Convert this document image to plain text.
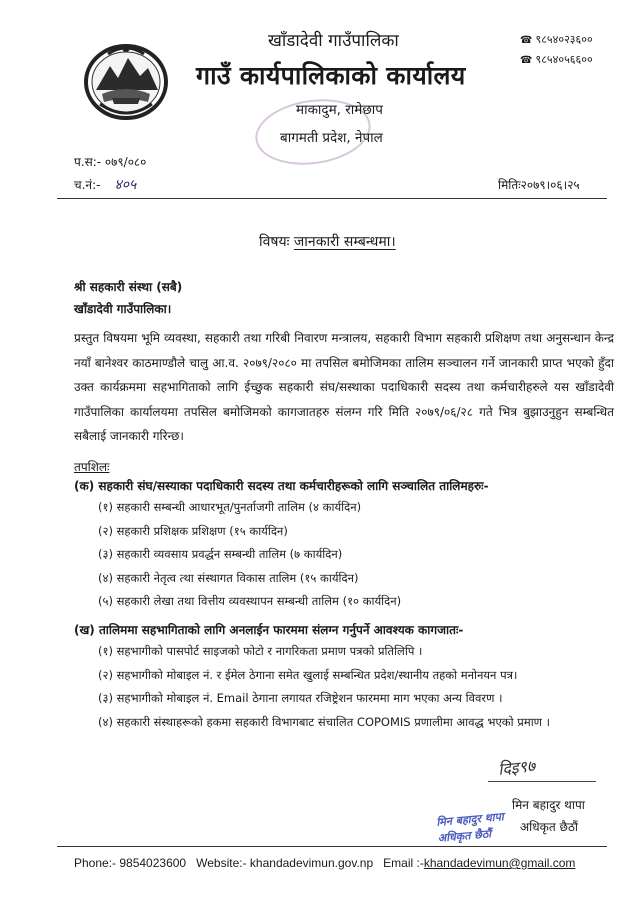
खाँडादेवी गाउँपालिका
गाउँ कार्यपालिकाको कार्यालय
माकादुम, रामेछाप
बागमती प्रदेश, नेपाल
☎ ९८५४०२३६००
☎ ९८५४०५६६००
प.स:- ०७९/०८०
च.नं:- ४०५	मितिः२०७९।०६।२५
विषयः जानकारी सम्बन्धमा।
श्री सहकारी संस्था (सबै)
खाँडादेवी गाउँपालिका।
प्रस्तुत विषयमा भूमि व्यवस्था, सहकारी तथा गरिबी निवारण मन्त्रालय, सहकारी विभाग सहकारी प्रशिक्षण तथा अनुसन्धान केन्द्र नयाँ बानेश्वर काठमाण्डौले चालु आ.व. २०७९/२०८० मा तपसिल बमोजिमका तालिम सञ्चालन गर्ने जानकारी प्राप्त भएको हुँदा उक्त कार्यक्रममा सहभागिताको लागि ईच्छुक सहकारी संघ/सस्थाका पदाधिकारी सदस्य तथा कर्मचारीहरुले यस खाँडादेवी गाउँपालिका कार्यालयमा तपसिल बमोजिमको कागजातहरु संलग्न गरि मिति २०७९/०६/२८ गते भित्र बुझाउनुहुन सम्बन्धित सबैलाई जानकारी गरिन्छ।
तपशिलः
(क) सहकारी संघ/सस्याका पदाधिकारी सदस्य तथा कर्मचारीहरूको लागि सञ्चालित तालिमहरुः-
(१) सहकारी सम्बन्धी आधारभूत/पुनर्ताजगी तालिम (४ कार्यदिन)
(२) सहकारी प्रशिक्षक प्रशिक्षण (१५ कार्यदिन)
(३) सहकारी व्यवसाय प्रवर्द्धन सम्बन्धी तालिम (७ कार्यदिन)
(४) सहकारी नेतृत्व त्था संस्थागत विकास तालिम (१५ कार्यदिन)
(५) सहकारी लेखा तथा वित्तीय व्यवस्थापन सम्बन्धी तालिम (१० कार्यदिन)
(ख) तालिममा सहभागिताको लागि अनलाईन फारममा संलग्न गर्नुपर्ने आवश्यक कागजातः-
(१) सहभागीको पासपोर्ट साइजको फोटो र नागरिकता प्रमाण पत्रको प्रतिलिपि ।
(२) सहभागीको मोबाइल नं. र ईमेल ठेगाना समेत खुलाई सम्बन्धित प्रदेश/स्थानीय तहको मनोनयन पत्र।
(३) सहभागीको मोबाइल नं. Email ठेगाना लगायत रजिष्ट्रेशन फारममा माग भएका अन्य विवरण ।
(४) सहकारी संस्थाहरूको हकमा सहकारी विभागबाट संचालित COPOMIS प्रणालीमा आवद्ध भएको प्रमाण ।
दिइ९७
मिन बहादुर थापा
मिन बहादुर थापा
अधिकृत छैठौं
अधिकृत छैठौं
Phone:- 9854023600 Website:- khandadevimun.gov.np Email :-khandadevimun@gmail.com
